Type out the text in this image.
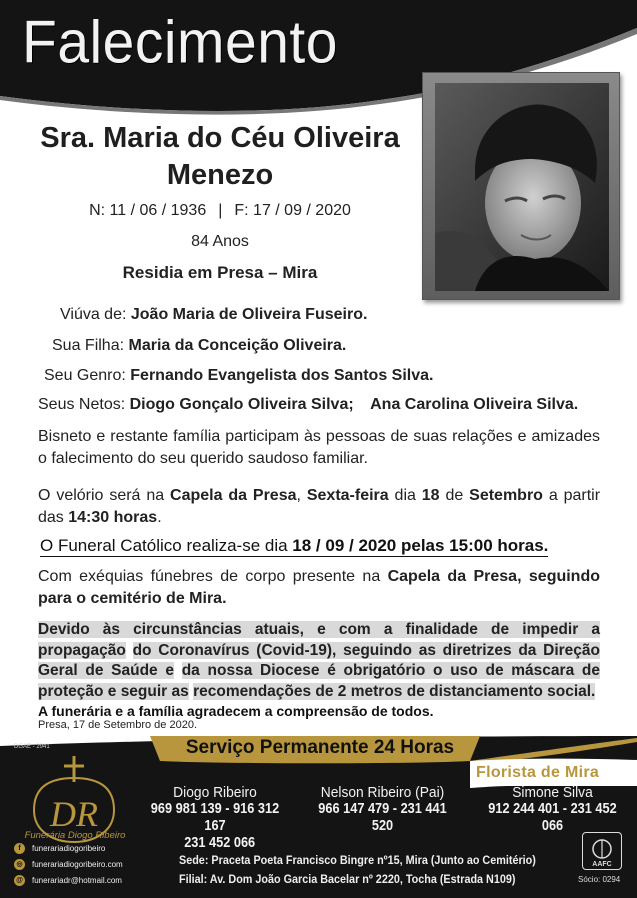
Falecimento
Sra. Maria do Céu Oliveira
Menezo
N: 11 / 06 / 1936 | F: 17 / 09 / 2020
84 Anos
Residia em Presa – Mira
Viúva de: João Maria de Oliveira Fuseiro.
Sua Filha: Maria da Conceição Oliveira.
Seu Genro: Fernando Evangelista dos Santos Silva.
Seus Netos: Diogo Gonçalo Oliveira Silva; Ana Carolina Oliveira Silva.
Bisneto e restante família participam às pessoas de suas relações e amizades o falecimento do seu querido saudoso familiar.
O velório será na Capela da Presa, Sexta-feira dia 18 de Setembro a partir das 14:30 horas.
O Funeral Católico realiza-se dia 18 / 09 / 2020 pelas 15:00 horas.
Com exéquias fúnebres de corpo presente na Capela da Presa, seguindo para o cemitério de Mira.
Devido às circunstâncias atuais, e com a finalidade de impedir a propagação do Coronavírus (Covid-19), seguindo as diretrizes da Direção Geral de Saúde e da nossa Diocese é obrigatório o uso de máscara de proteção e seguir as recomendações de 2 metros de distanciamento social.
A funerária e a família agradecem a compreensão de todos.
Presa, 17 de Setembro de 2020.
DGAE - 2941	Serviço Permanente 24 Horas
Florista de Mira
DR
Funerária Diogo Ribeiro
Diogo Ribeiro
969 981 139 - 916 312 167
231 452 066
Nelson Ribeiro (Pai)
966 147 479 - 231 441 520
Simone Silva
912 244 401 - 231 452 066
f	funerariadiogoribeiro
◎	funerariadiogoribeiro.com
@ funerariadr@hotmail.com
Sede: Praceta Poeta Francisco Bingre nº15, Mira (Junto ao Cemitério)
Filial: Av. Dom João Garcia Bacelar nº 2220, Tocha (Estrada N109)
AAFC
Sócio: 0294
